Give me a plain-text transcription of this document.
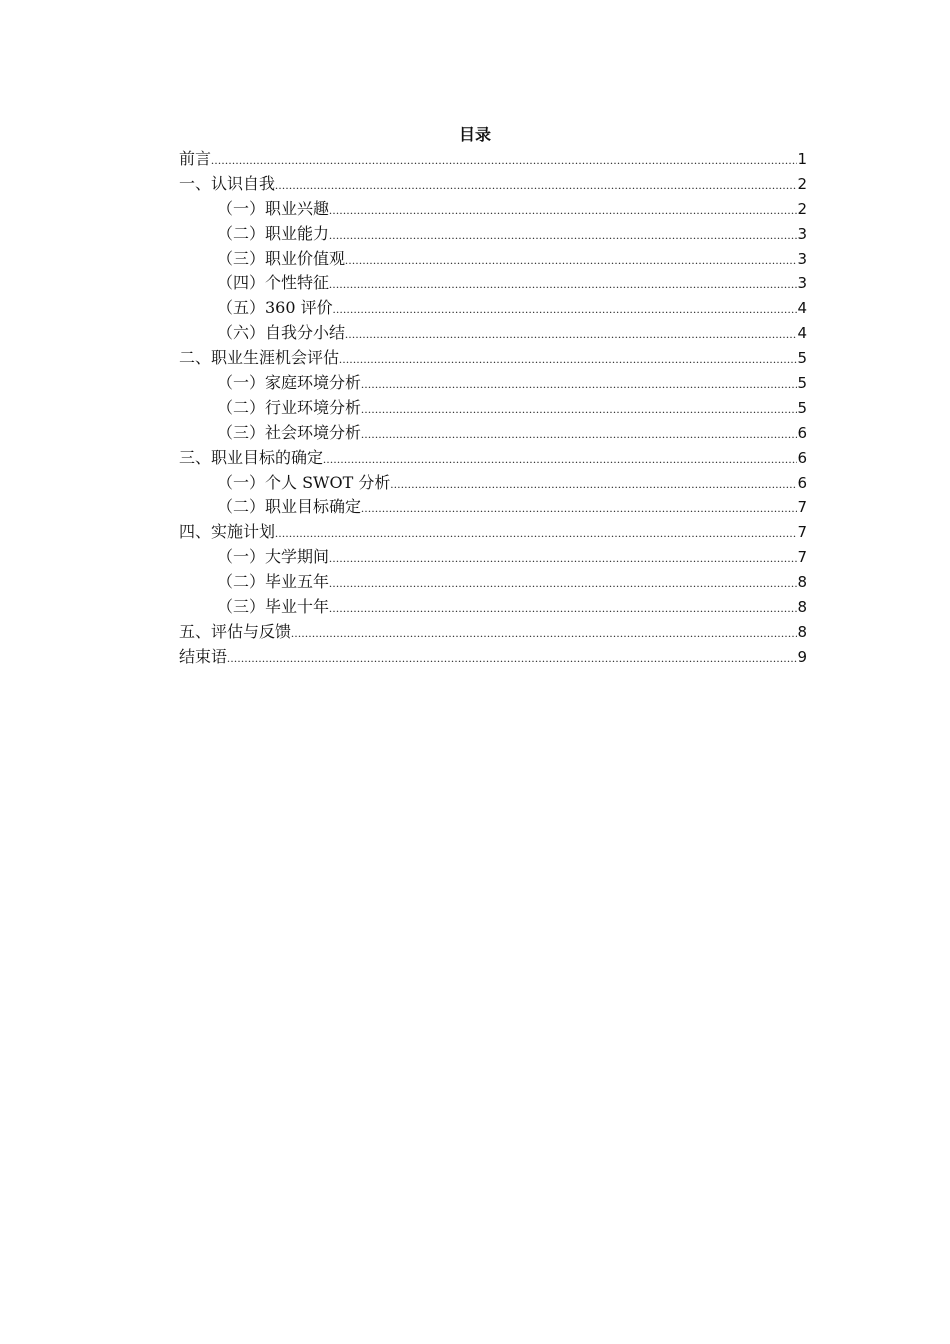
目录
前言 .....	1
一、认识自我 .....	2
（一）职业兴趣 .....	2
（二）职业能力 .....	3
（三）职业价值观 .....	3
（四）个性特征 .....	3
（五）360 评价 .....	4
（六）自我分小结 .....	4
二、职业生涯机会评估 .....	5
（一）家庭环境分析 .....	5
（二）行业环境分析 .....	5
（三）社会环境分析 .....	6
三、职业目标的确定 .....	6
（一）个人 SWOT 分析 .....	6
（二）职业目标确定 .....	7
四、实施计划 .....	7
（一）大学期间 .....	7
（二）毕业五年 .....	8
（三）毕业十年 .....	8
五、评估与反馈 .....	8
结束语 .....	9
